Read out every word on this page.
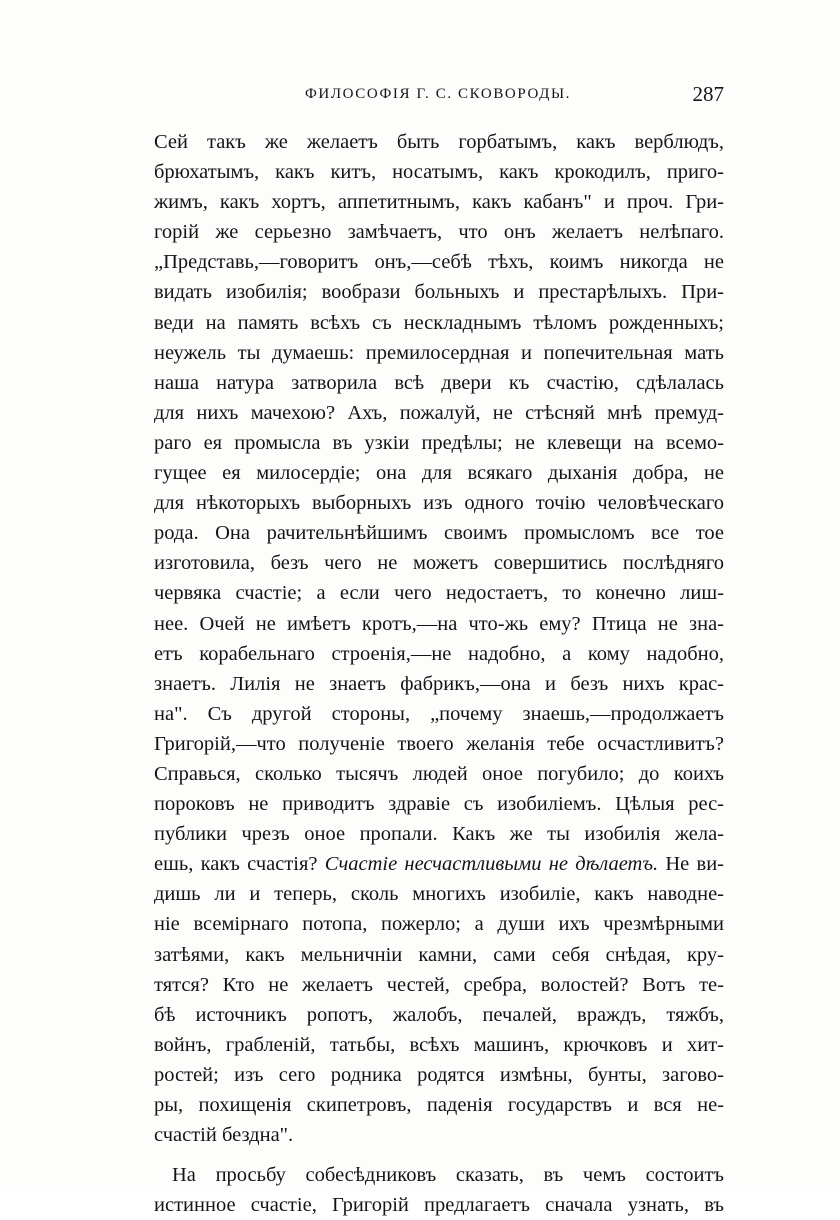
ФИЛОСОФІЯ Г. С. СКОВОРОДЫ.	287
Сей такъ же желаетъ быть горбатымъ, какъ верблюдъ,
брюхатымъ, какъ китъ, носатымъ, какъ крокодилъ, приго-
жимъ, какъ хортъ, аппетитнымъ, какъ кабанъ" и проч. Гри-
горій же серьезно замѣчаетъ, что онъ желаетъ нелѣпаго.
„Представь,—говоритъ онъ,—себѣ тѣхъ, коимъ никогда не
видать изобилія; вообрази больныхъ и престарѣлыхъ. При-
веди на память всѣхъ съ нескладнымъ тѣломъ рожденныхъ;
неужель ты думаешь: премилосердная и попечительная мать
наша натура затворила всѣ двери къ счастію, сдѣлалась
для нихъ мачехою? Ахъ, пожалуй, не стѣсняй мнѣ премуд-
раго ея промысла въ узкіи предѣлы; не клевещи на всемо-
гущее ея милосердіе; она для всякаго дыханія добра, не
для нѣкоторыхъ выборныхъ изъ одного точію человѣческаго
рода. Она рачительнѣйшимъ своимъ промысломъ все тое
изготовила, безъ чего не можетъ совершитись послѣдняго
червяка счастіе; а если чего недостаетъ, то конечно лиш-
нее. Очей не имѣетъ кротъ,—на что-жь ему? Птица не зна-
етъ корабельнаго строенія,—не надобно, а кому надобно,
знаетъ. Лилія не знаетъ фабрикъ,—она и безъ нихъ крас-
на". Съ другой стороны, „почему знаешь,—продолжаетъ
Григорій,—что полученіе твоего желанія тебе осчастливитъ?
Справься, сколько тысячъ людей оное погубило; до коихъ
пороковъ не приводитъ здравіе съ изобиліемъ. Цѣлыя рес-
публики чрезъ оное пропали. Какъ же ты изобилія жела-
ешь, какъ счастія? Счастіе несчастливыми не дѣлаетъ. Не ви-
дишь ли и теперь, сколь многихъ изобиліе, какъ наводне-
ніе всемірнаго потопа, пожерло; а души ихъ чрезмѣрными
затѣями, какъ мельничніи камни, сами себя снѣдая, кру-
тятся? Кто не желаетъ честей, сребра, волостей? Вотъ те-
бѣ источникъ ропотъ, жалобъ, печалей, враждъ, тяжбъ,
войнъ, грабленій, татьбы, всѣхъ машинъ, крючковъ и хит-
ростей; изъ сего родника родятся измѣны, бунты, загово-
ры, похищенія скипетровъ, паденія государствъ и вся не-
счастій бездна".
На просьбу собесѣдниковъ сказать, въ чемъ состоитъ
истинное счастіе, Григорій предлагаетъ сначала узнать, въ
